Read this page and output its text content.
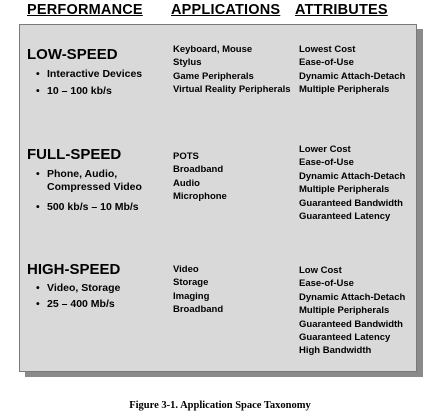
PERFORMANCE APPLICATIONS ATTRIBUTES
LOW-SPEED
• Interactive Devices
• 10 – 100 kb/s
Keyboard, Mouse
Stylus
Game Peripherals
Virtual Reality Peripherals
Lowest Cost
Ease-of-Use
Dynamic Attach-Detach
Multiple Peripherals
FULL-SPEED
• Phone, Audio, Compressed Video
• 500 kb/s – 10 Mb/s
POTS
Broadband
Audio
Microphone
Lower Cost
Ease-of-Use
Dynamic Attach-Detach
Multiple Peripherals
Guaranteed Bandwidth
Guaranteed Latency
HIGH-SPEED
• Video, Storage
• 25 – 400 Mb/s
Video
Storage
Imaging
Broadband
Low Cost
Ease-of-Use
Dynamic Attach-Detach
Multiple Peripherals
Guaranteed Bandwidth
Guaranteed Latency
High Bandwidth
Figure 3-1. Application Space Taxonomy
